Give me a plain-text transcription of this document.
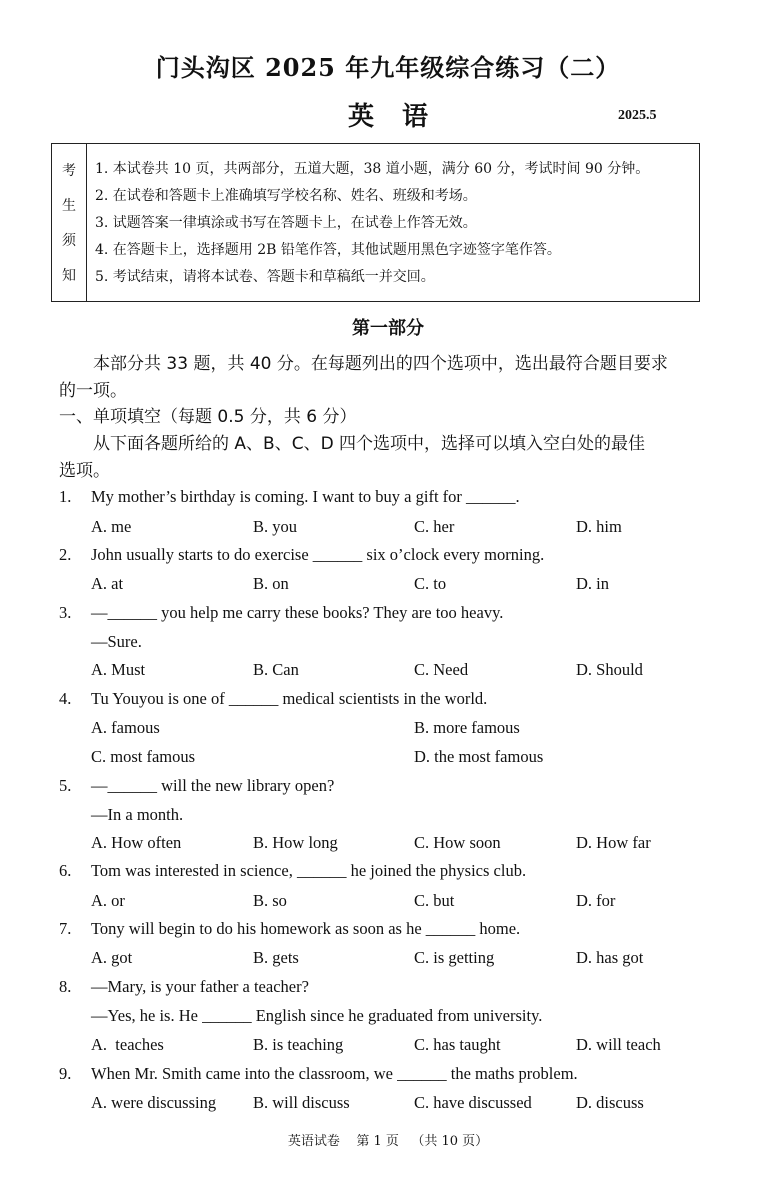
门头沟区 2025 年九年级综合练习（二）
英语	2025.5
考
生
须
知
1. 本试卷共 10 页，共两部分，五道大题，38 道小题，满分 60 分，考试时间 90 分钟。
2. 在试卷和答题卡上准确填写学校名称、姓名、班级和考场。
3. 试题答案一律填涂或书写在答题卡上，在试卷上作答无效。
4. 在答题卡上，选择题用 2B 铅笔作答，其他试题用黑色字迹签字笔作答。
5. 考试结束，请将本试卷、答题卡和草稿纸一并交回。
第一部分
本部分共 33 题，共 40 分。在每题列出的四个选项中，选出最符合题目要求
的一项。
一、单项填空（每题 0.5 分，共 6 分）
从下面各题所给的 A、B、C、D 四个选项中，选择可以填入空白处的最佳
选项。
1. My mother’s birthday is coming. I want to buy a gift for ______.
A. me	B. you	C. her	D. him
2. John usually starts to do exercise ______ six o’clock every morning.
A. at	B. on	C. to	D. in
3. —______ you help me carry these books? They are too heavy.
—Sure.
A. Must	B. Can	C. Need	D. Should
4. Tu Youyou is one of ______ medical scientists in the world.
A. famous	B. more famous
C. most famous	D. the most famous
5. —______ will the new library open?
—In a month.
A. How often	B. How long	C. How soon	D. How far
6. Tom was interested in science, ______ he joined the physics club.
A. or	B. so	C. but	D. for
7. Tony will begin to do his homework as soon as he ______ home.
A. got	B. gets	C. is getting	D. has got
8. —Mary, is your father a teacher?
—Yes, he is. He ______ English since he graduated from university.
A.  teaches	B. is teaching	C. has taught	D. will teach
9. When Mr. Smith came into the classroom, we ______ the maths problem.
A. were discussing B. will discuss	C. have discussed	D. discuss
英语试卷    第 1 页   （共 10 页）
